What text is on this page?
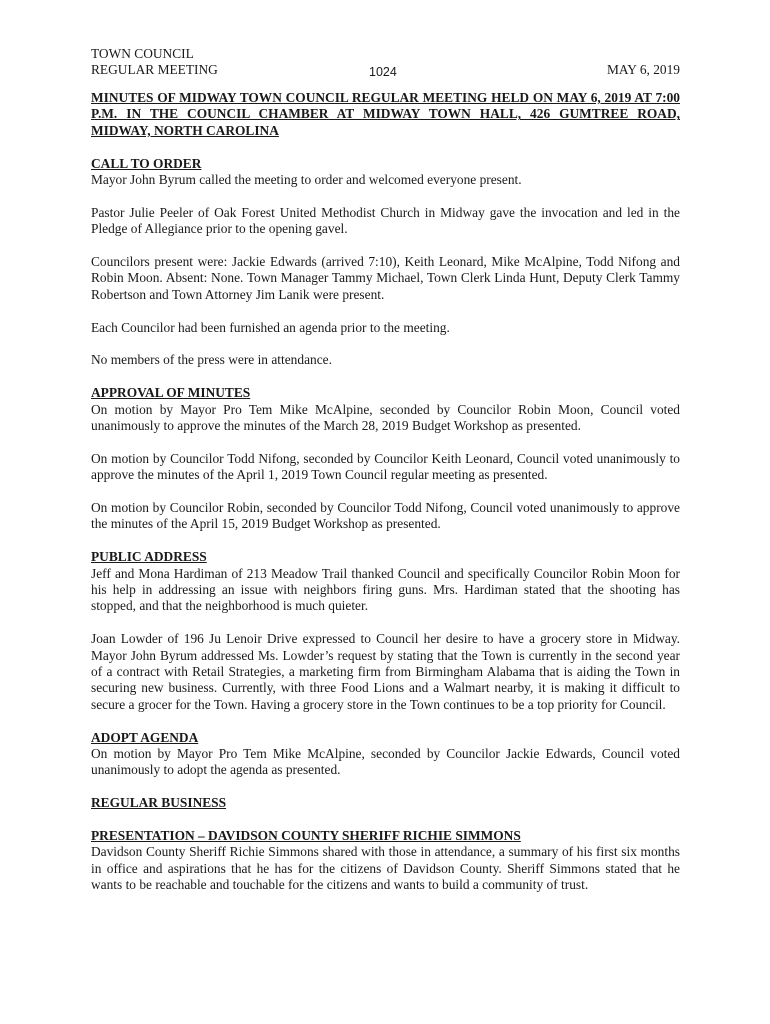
TOWN COUNCIL
REGULAR MEETING	1024	MAY 6, 2019
MINUTES OF MIDWAY TOWN COUNCIL REGULAR MEETING HELD ON MAY 6, 2019 AT 7:00 P.M. IN THE COUNCIL CHAMBER AT MIDWAY TOWN HALL, 426 GUMTREE ROAD, MIDWAY, NORTH CAROLINA
CALL TO ORDER

Mayor John Byrum called the meeting to order and welcomed everyone present.

Pastor Julie Peeler of Oak Forest United Methodist Church in Midway gave the invocation and led in the Pledge of Allegiance prior to the opening gavel.

Councilors present were: Jackie Edwards (arrived 7:10), Keith Leonard, Mike McAlpine, Todd Nifong and Robin Moon. Absent: None. Town Manager Tammy Michael, Town Clerk Linda Hunt, Deputy Clerk Tammy Robertson and Town Attorney Jim Lanik were present.

Each Councilor had been furnished an agenda prior to the meeting.

No members of the press were in attendance.

APPROVAL OF MINUTES

On motion by Mayor Pro Tem Mike McAlpine, seconded by Councilor Robin Moon, Council voted unanimously to approve the minutes of the March 28, 2019 Budget Workshop as presented.

On motion by Councilor Todd Nifong, seconded by Councilor Keith Leonard, Council voted unanimously to approve the minutes of the April 1, 2019 Town Council regular meeting as presented.

On motion by Councilor Robin, seconded by Councilor Todd Nifong, Council voted unanimously to approve the minutes of the April 15, 2019 Budget Workshop as presented.

PUBLIC ADDRESS

Jeff and Mona Hardiman of 213 Meadow Trail thanked Council and specifically Councilor Robin Moon for his help in addressing an issue with neighbors firing guns. Mrs. Hardiman stated that the shooting has stopped, and that the neighborhood is much quieter.

Joan Lowder of 196 Ju Lenoir Drive expressed to Council her desire to have a grocery store in Midway. Mayor John Byrum addressed Ms. Lowder’s request by stating that the Town is currently in the second year of a contract with Retail Strategies, a marketing firm from Birmingham Alabama that is aiding the Town in securing new business. Currently, with three Food Lions and a Walmart nearby, it is making it difficult to secure a grocer for the Town. Having a grocery store in the Town continues to be a top priority for Council.

ADOPT AGENDA

On motion by Mayor Pro Tem Mike McAlpine, seconded by Councilor Jackie Edwards, Council voted unanimously to adopt the agenda as presented.

REGULAR BUSINESS
PRESENTATION – DAVIDSON COUNTY SHERIFF RICHIE SIMMONS

Davidson County Sheriff Richie Simmons shared with those in attendance, a summary of his first six months in office and aspirations that he has for the citizens of Davidson County. Sheriff Simmons stated that he wants to be reachable and touchable for the citizens and wants to build a community of trust.
